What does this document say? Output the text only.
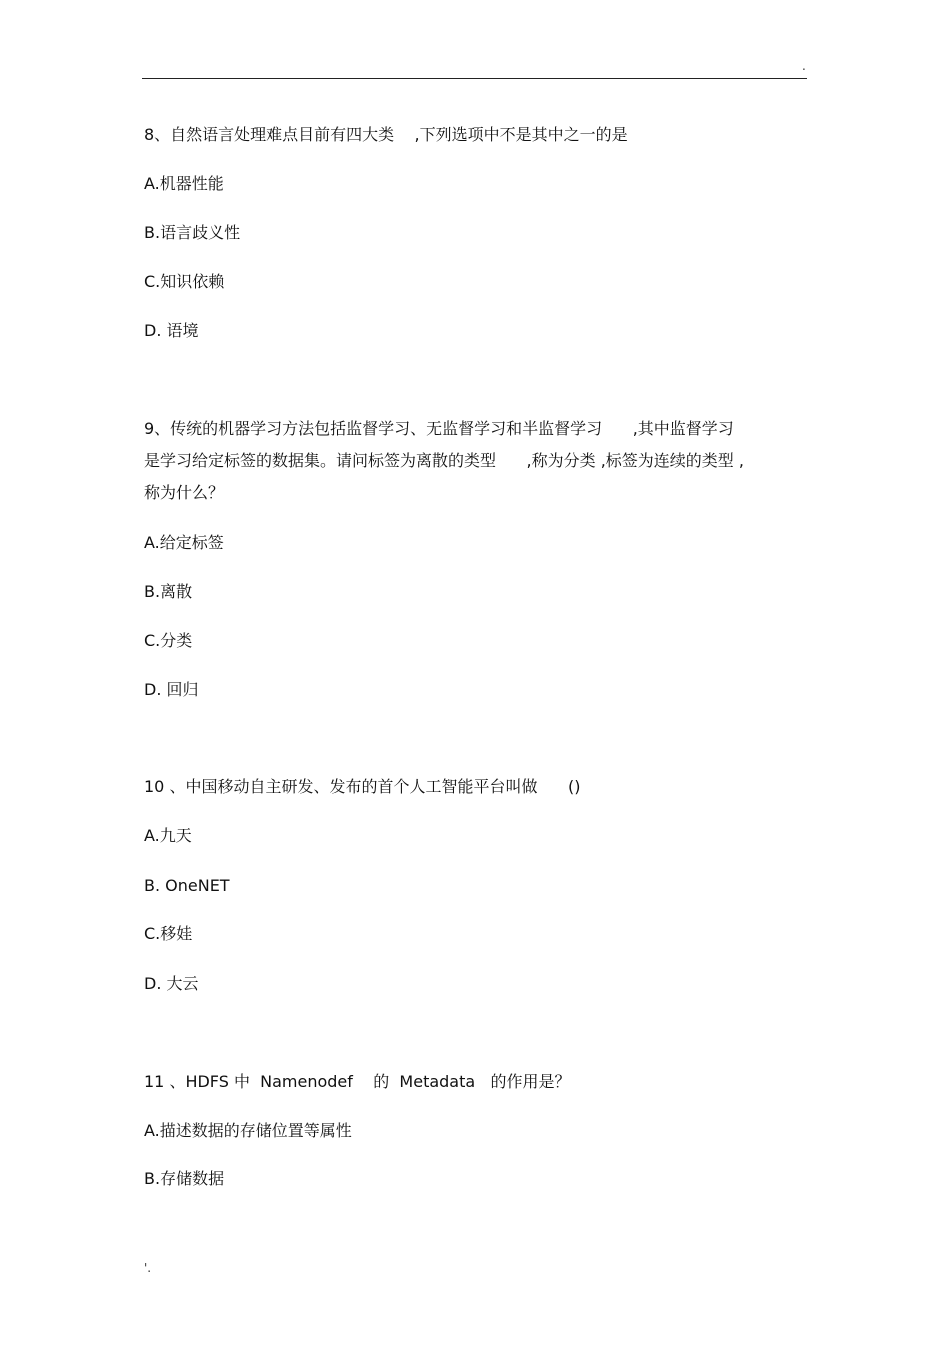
.

8、自然语言处理难点目前有四大类    ,下列选项中不是其中之一的是

A.机器性能

B.语言歧义性

C.知识依赖

D. 语境

9、传统的机器学习方法包括监督学习、无监督学习和半监督学习      ,其中监督学习

是学习给定标签的数据集。请问标签为离散的类型      ,称为分类 ,标签为连续的类型 ,

称为什么？

A.给定标签

B.离散

C.分类

D. 回归

10 、中国移动自主研发、发布的首个人工智能平台叫做      ()

A.九天

B. OneNET

C.移娃

D. 大云

11 、HDFS 中  Namenodef    的  Metadata   的作用是？

A.描述数据的存储位置等属性

B.存储数据

'.
